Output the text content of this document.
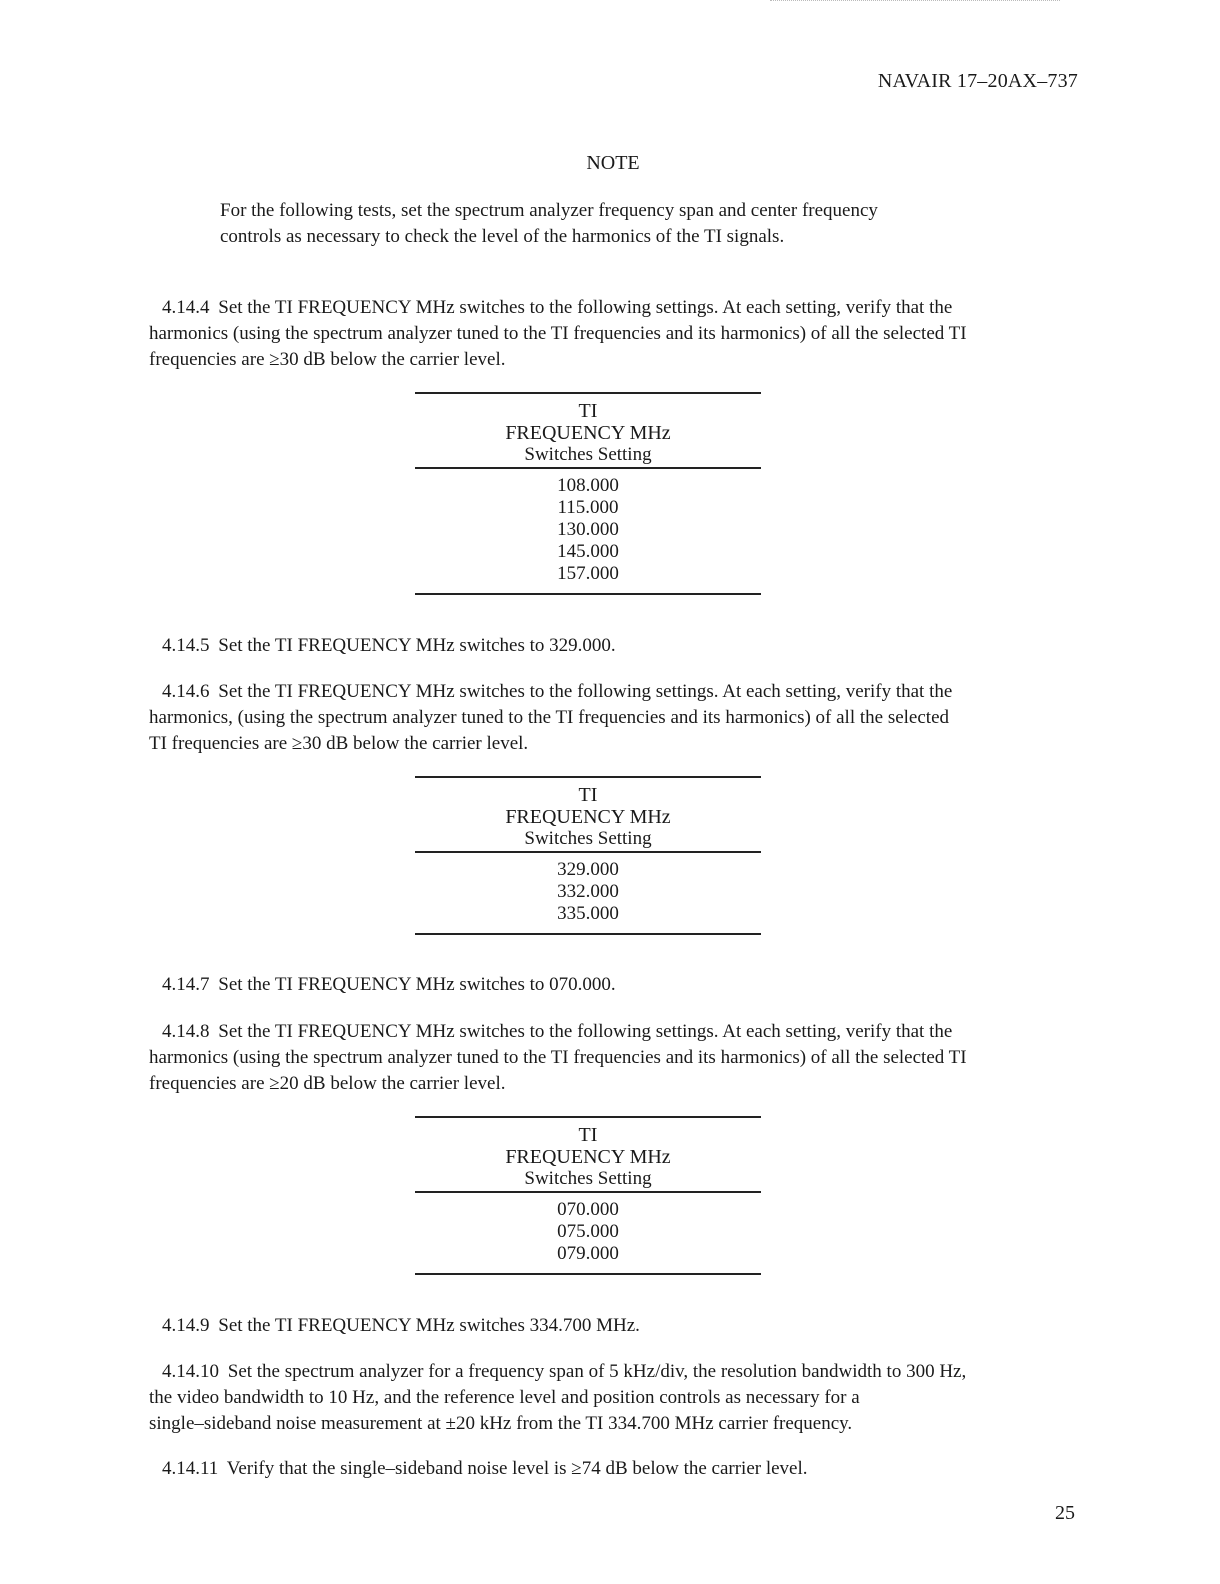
NAVAIR 17–20AX–737
NOTE
For the following tests, set the spectrum analyzer frequency span and center frequency
controls as necessary to check the level of the harmonics of the TI signals.
4.14.4 Set the TI FREQUENCY MHz switches to the following settings. At each setting, verify that the
harmonics (using the spectrum analyzer tuned to the TI frequencies and its harmonics) of all the selected TI
frequencies are ≥30 dB below the carrier level.
TI
FREQUENCY MHz
Switches Setting
108.000
115.000
130.000
145.000
157.000
4.14.5 Set the TI FREQUENCY MHz switches to 329.000.
4.14.6 Set the TI FREQUENCY MHz switches to the following settings. At each setting, verify that the
harmonics, (using the spectrum analyzer tuned to the TI frequencies and its harmonics) of all the selected
TI frequencies are ≥30 dB below the carrier level.
TI
FREQUENCY MHz
Switches Setting
329.000
332.000
335.000
4.14.7 Set the TI FREQUENCY MHz switches to 070.000.
4.14.8 Set the TI FREQUENCY MHz switches to the following settings. At each setting, verify that the
harmonics (using the spectrum analyzer tuned to the TI frequencies and its harmonics) of all the selected TI
frequencies are ≥20 dB below the carrier level.
TI
FREQUENCY MHz
Switches Setting
070.000
075.000
079.000
4.14.9 Set the TI FREQUENCY MHz switches 334.700 MHz.
4.14.10 Set the spectrum analyzer for a frequency span of 5 kHz/div, the resolution bandwidth to 300 Hz,
the video bandwidth to 10 Hz, and the reference level and position controls as necessary for a
single–sideband noise measurement at ±20 kHz from the TI 334.700 MHz carrier frequency.
4.14.11 Verify that the single–sideband noise level is ≥74 dB below the carrier level.
25
